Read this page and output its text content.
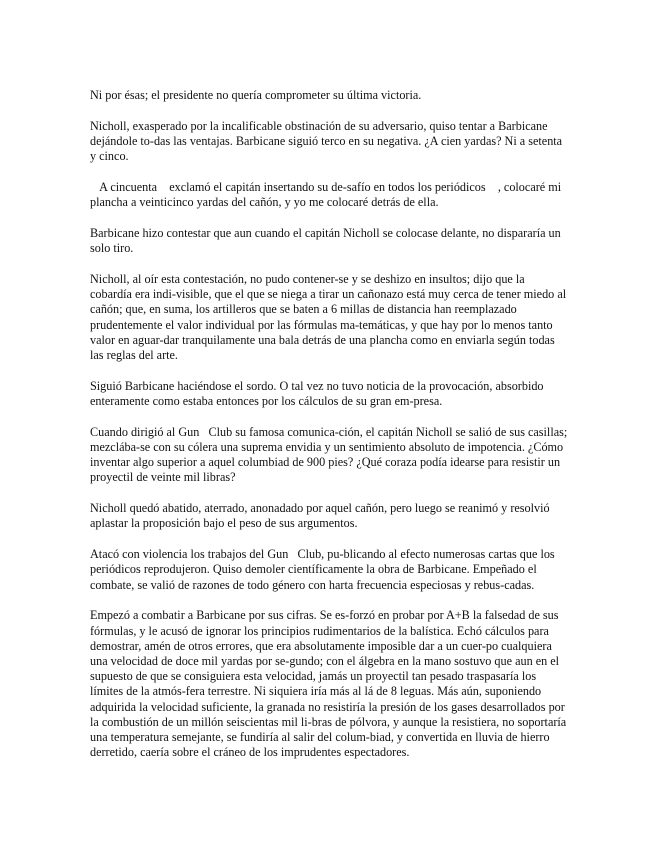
Ni por ésas; el presidente no quería comprometer su última victoria.

Nicholl, exasperado por la incalificable obstinación de su adversario, quiso tentar a Barbicane dejándole to-das las ventajas. Barbicane siguió terco en su negativa. ¿A cien yardas? Ni a setenta y cinco.

A cincuenta    exclamó el capitán insertando su de-safío en todos los periódicos    , colocaré mi plancha a veinticinco yardas del cañón, y yo me colocaré detrás de ella.

Barbicane hizo contestar que aun cuando el capitán Nicholl se colocase delante, no dispararía un solo tiro.

Nicholl, al oír esta contestación, no pudo contener-se y se deshizo en insultos; dijo que la cobardía era indi-visible, que el que se niega a tirar un cañonazo está muy cerca de tener miedo al cañón; que, en suma, los artilleros que se baten a 6 millas de distancia han reemplazado prudentemente el valor individual por las fórmulas ma-temáticas, y que hay por lo menos tanto valor en aguar-dar tranquilamente una bala detrás de una plancha como en enviarla según todas las reglas del arte.

Siguió Barbicane haciéndose el sordo. O tal vez no tuvo noticia de la provocación, absorbido enteramente como estaba entonces por los cálculos de su gran em-presa.

Cuando dirigió al Gun   Club su famosa comunica-ción, el capitán Nicholl se salió de sus casillas; mezclába-se con su cólera una suprema envidia y un sentimiento absoluto de impotencia. ¿Cómo inventar algo superior a aquel columbiad de 900 pies? ¿Qué coraza podía idearse para resistir un proyectil de veinte mil libras?

Nicholl quedó abatido, aterrado, anonadado por aquel cañón, pero luego se reanimó y resolvió aplastar la proposición bajo el peso de sus argumentos.

Atacó con violencia los trabajos del Gun   Club, pu-blicando al efecto numerosas cartas que los periódicos reprodujeron. Quiso demoler científicamente la obra de Barbicane. Empeñado el combate, se valió de razones de todo género con harta frecuencia especiosas y rebus-cadas.

Empezó a combatir a Barbicane por sus cifras. Se es-forzó en probar por A+B la falsedad de sus fórmulas, y le acusó de ignorar los principios rudimentarios de la balística. Echó cálculos para demostrar, amén de otros errores, que era absolutamente imposible dar a un cuer-po cualquiera una velocidad de doce mil yardas por se-gundo; con el álgebra en la mano sostuvo que aun en el supuesto de que se consiguiera esta velocidad, jamás un proyectil tan pesado traspasaría los límites de la atmós-fera terrestre. Ni siquiera iría más al lá de 8 leguas. Más aún, suponiendo adquirida la velocidad suficiente, la granada no resistiría la presión de los gases desarrollados por la combustión de un millón seiscientas mil li-bras de pólvora, y aunque la resistiera, no soportaría una temperatura semejante, se fundiría al salir del colum-biad, y convertida en lluvia de hierro derretido, caería sobre el cráneo de los imprudentes espectadores.
